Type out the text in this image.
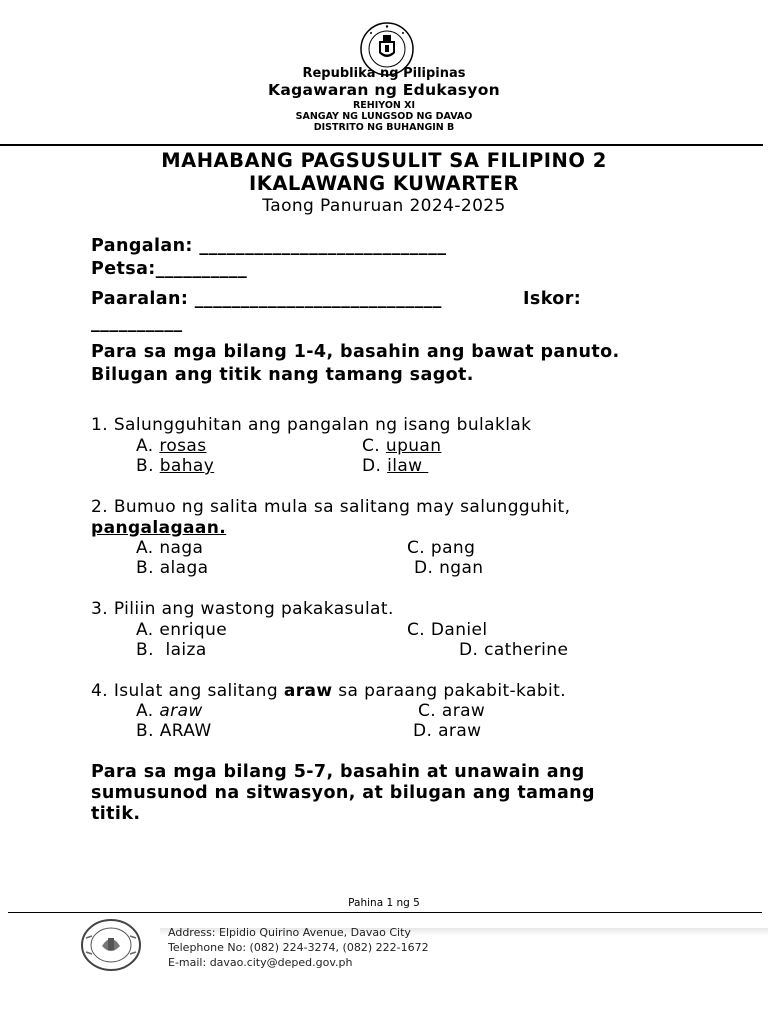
Republika ng Pilipinas
Kagawaran ng Edukasyon
REHIYON XI
SANGAY NG LUNGSOD NG DAVAO
DISTRITO NG BUHANGIN B
MAHABANG PAGSUSULIT SA FILIPINO 2
IKALAWANG KUWARTER
Taong Panuruan 2024-2025
Pangalan: ___________________________
Petsa:__________
Paaralan: ___________________________	Iskor:
__________
Para sa mga bilang 1-4, basahin ang bawat panuto.
Bilugan ang titik nang tamang sagot.
1. Salungguhitan ang pangalan ng isang bulaklak
A. rosas
B. bahay
C. upuan
D. ilaw
2. Bumuo ng salita mula sa salitang may salungguhit,
pangalagaan.
A. naga
B. alaga
C. pang
D. ngan
3. Piliin ang wastong pakakasulat.
A. enrique
B.  laiza
C. Daniel
D. catherine
4. Isulat ang salitang araw sa paraang pakabit-kabit.
A. araw
B. ARAW
C. araw
D. araw
Para sa mga bilang 5-7, basahin at unawain ang
sumusunod na sitwasyon, at bilugan ang tamang
titik.
Pahina 1 ng 5
Address: Elpidio Quirino Avenue, Davao City
Telephone No: (082) 224-3274, (082) 222-1672
E-mail: davao.city@deped.gov.ph
